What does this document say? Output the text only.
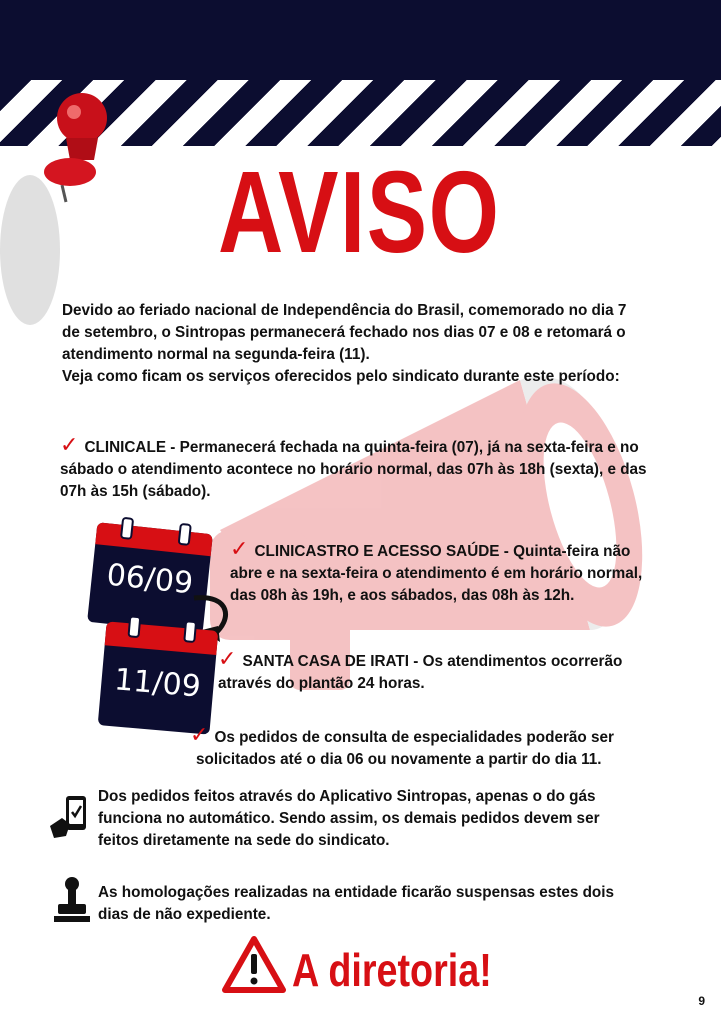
AVISO
Devido ao feriado nacional de Independência do Brasil, comemorado no dia 7
de setembro, o Sintropas permanecerá fechado nos dias 07 e 08 e retomará o
atendimento normal na segunda-feira (11).
Veja como ficam os serviços oferecidos pelo sindicato durante este período:
✓ CLINICALE - Permanecerá fechada na quinta-feira (07), já na sexta-feira e no
sábado o atendimento acontece no horário normal, das 07h às 18h (sexta), e das
07h às 15h (sábado).
06/09
11/09
✓ CLINICASTRO E ACESSO SAÚDE - Quinta-feira não
abre e na sexta-feira o atendimento é em horário normal,
das 08h às 19h, e aos sábados, das 08h às 12h.
✓ SANTA CASA DE IRATI - Os atendimentos ocorrerão
através do plantão 24 horas.
✓ Os pedidos de consulta de especialidades poderão ser
solicitados até o dia 06 ou novamente a partir do dia 11.
Dos pedidos feitos através do Aplicativo Sintropas, apenas o do gás
funciona no automático. Sendo assim, os demais pedidos devem ser
feitos diretamente na sede do sindicato.
As homologações realizadas na entidade ficarão suspensas estes dois
dias de não expediente.
A diretoria!
9
